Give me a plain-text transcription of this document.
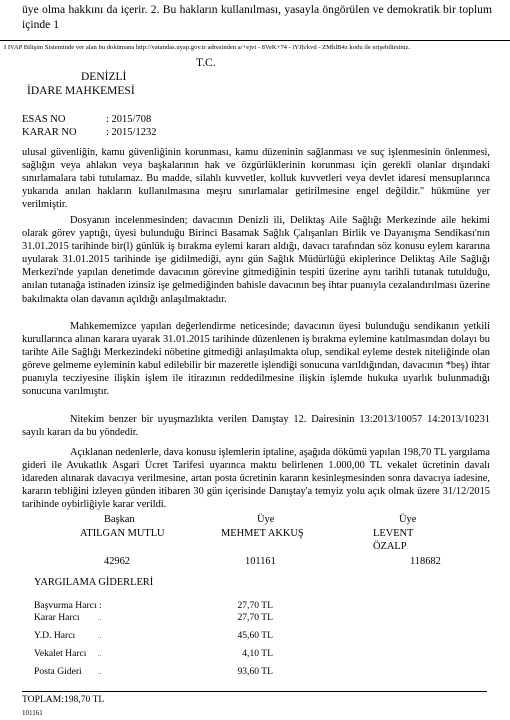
üye olma hakkını da içerir. 2. Bu hakların kullanılması, yasayla öngörülen ve demokratik bir toplum içinde 1
I IVAP Bilişim Sisteminde ver alan bu dokümana http://vatandas.uyap.gov.tr adresinden a/+ejvt - 8VeK+74 - iYJh/kvd - ZMhlB4z kodu ile erişebilirsiniz.
T.C.
DENİZLİ
İDARE MAHKEMESİ
ESAS NO	: 2015/708
KARAR NO	: 2015/1232
ulusal güvenliğin, kamu güvenliğinin korunması, kamu düzeninin sağlanması ve suç işlenmesinin önlenmesi, sağlığın veya ahlakın veya başkalarının hak ve özgürlüklerinin korunması için gerekli olanlar dışındaki sınırlamalara tabi tutulamaz. Bu madde, silahlı kuvvetler, kolluk kuvvetleri veya devlet idaresi mensuplarınca yukarıda anılan hakların kullanılmasına meşru sınırlamalar getirilmesine engel değildir." hükmüne yer verilmiştir.
Dosyanın incelenmesinden; davacının Denizli ili, Deliktaş Aile Sağlığı Merkezinde aile hekimi olarak görev yaptığı, üyesi bulunduğu Birinci Basamak Sağlık Çalışanları Birlik ve Dayanışma Sendikası'nın 31.01.2015 tarihinde bir(l) günlük iş bırakma eylemi kararı aldığı, davacı tarafından söz konusu eylem kararına uyularak 31.01.2015 tarihinde işe gidilmediği, aynı gün Sağlık Müdürlüğü ekiplerince Deliktaş Aile Sağlığı Merkezi'nde yapılan denetimde davacının görevine gitmediğinin tespiti üzerine aynı tarihli tutanak tutulduğu, anılan tutanağa istinaden izinsiz işe gelmediğinden bahisle davacının beş ihtar puanıyla cezalandırılması üzerine bakılmakta olan davanın açıldığı anlaşılmaktadır.
Mahkememizce yapılan değerlendirme neticesinde; davacının üyesi bulunduğu sendikanın yetkili kurullarınca alınan karara uyarak 31.01.2015 tarihinde düzenlenen iş bırakma eylemine katılmasından dolayı bu tarihte Aile Sağlığı Merkezindeki nöbetine gitmediği anlaşılmakta olup, sendikal eyleme destek niteliğinde olan göreve gelmeme eyleminin kabul edilebilir bir mazeretle işlendiği sonucuna varıldığından, davacının *beş) ihtar puanıyla tecziyesine ilişkin işlem ile itirazının reddedilmesine ilişkin işlemde hukuka uyarlık bulunmadığı sonucuna varılmıştır.
Nitekim benzer bir uyuşmazlıkta verilen Danıştay 12. Dairesinin 13:2013/10057 14:2013/10231 sayılı kararı da bu yöndedir.
Açıklanan nedenlerle, dava konusu işlemlerin iptaline, aşağıda dökümü yapılan 198,70 TL yargılama gideri ile Avukatlık Asgari Ücret Tarifesi uyarınca maktu belirlenen 1.000,00 TL vekalet ücretinin davalı idareden alınarak davacıya verilmesine, artan posta ücretinin kararın kesinleşmesinden sonra davacıya iadesine, kararın tebliğini izleyen günden itibaren 30 gün içerisinde Danıştay'a temyiz yolu açık olmak üzere 31/12/2015 tarihinde oybirliğiyle karar verildi.
Başkan	Üye	Üye
ATILGAN MUTLU	MEHMET AKKUŞ	LEVENT
ÖZALP
42962	101161	118682
YARGILAMA GİDERLERİ
Başvurma Harcı :	27,70 TL
Karar Harcı	..	27,70 TL
Y.D. Harcı	..	45,60 TL
Vekalet Harcı ..	4,10 TL
Posta Gideri	..	93,60 TL
TOPLAM:198,70 TL
101161
